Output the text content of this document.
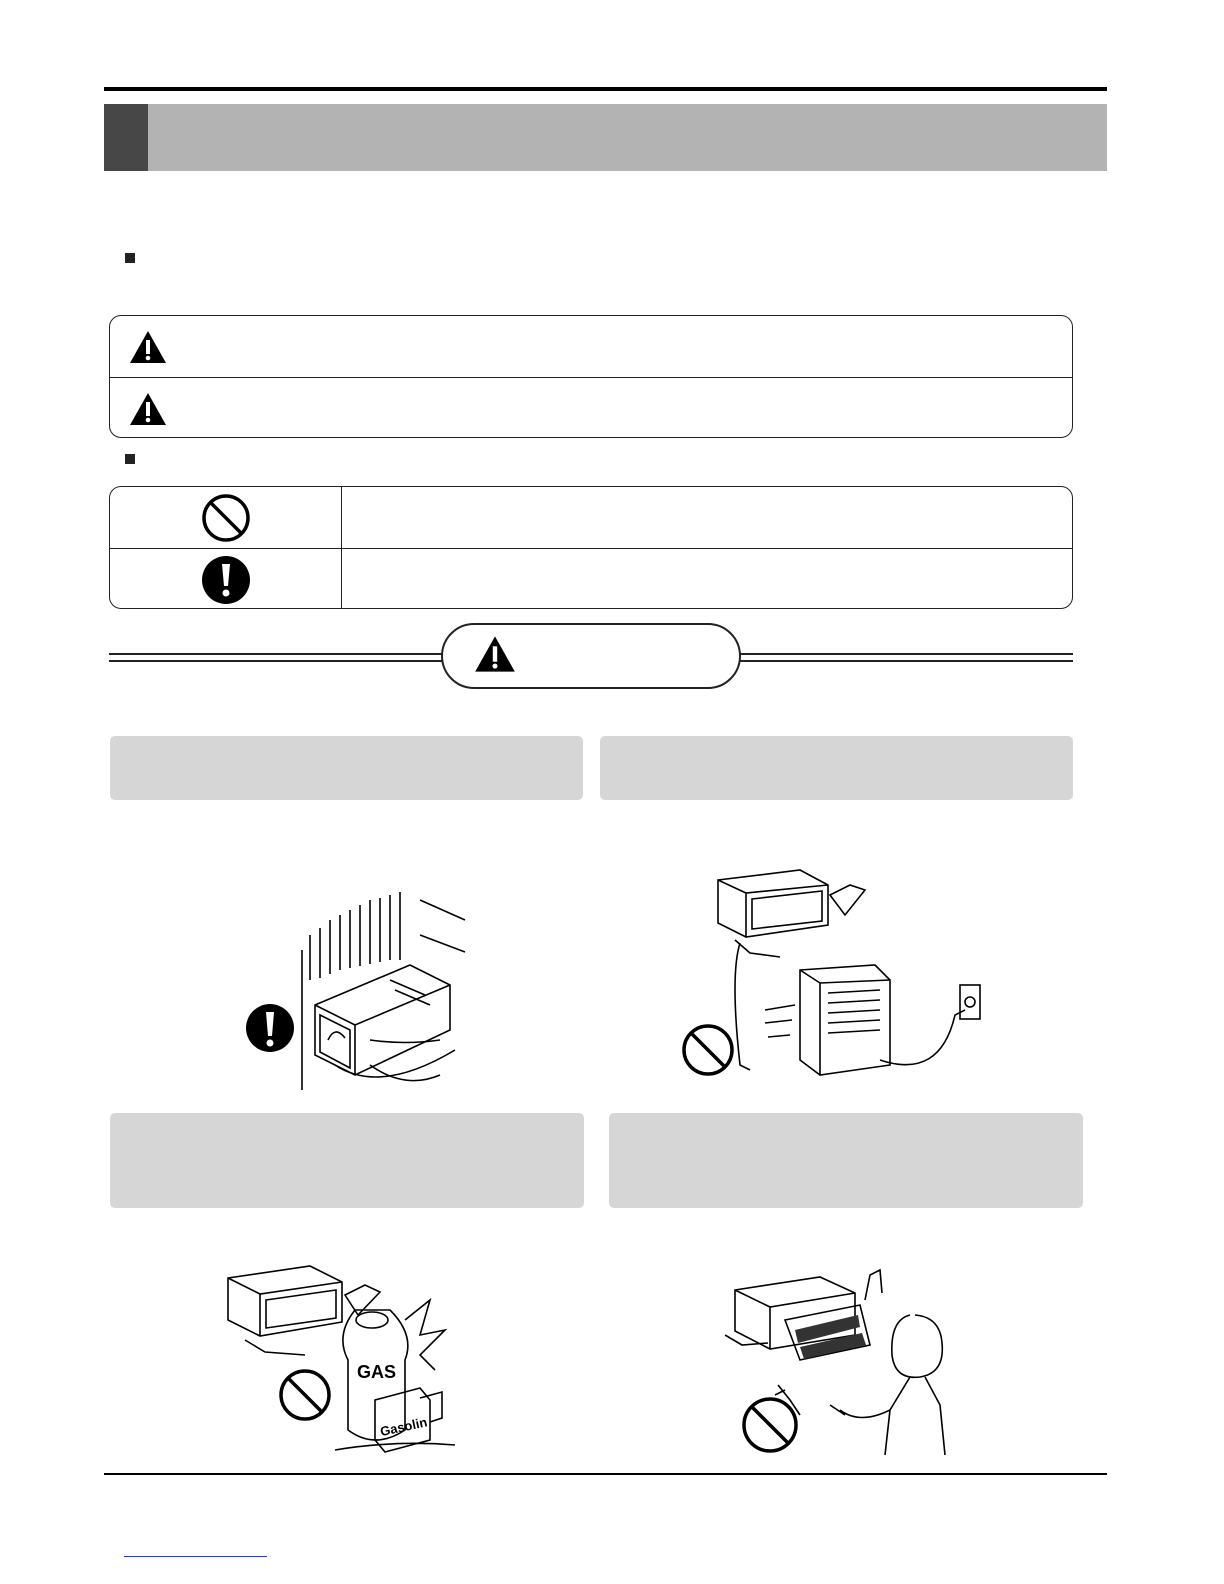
GAS
Gasolin
